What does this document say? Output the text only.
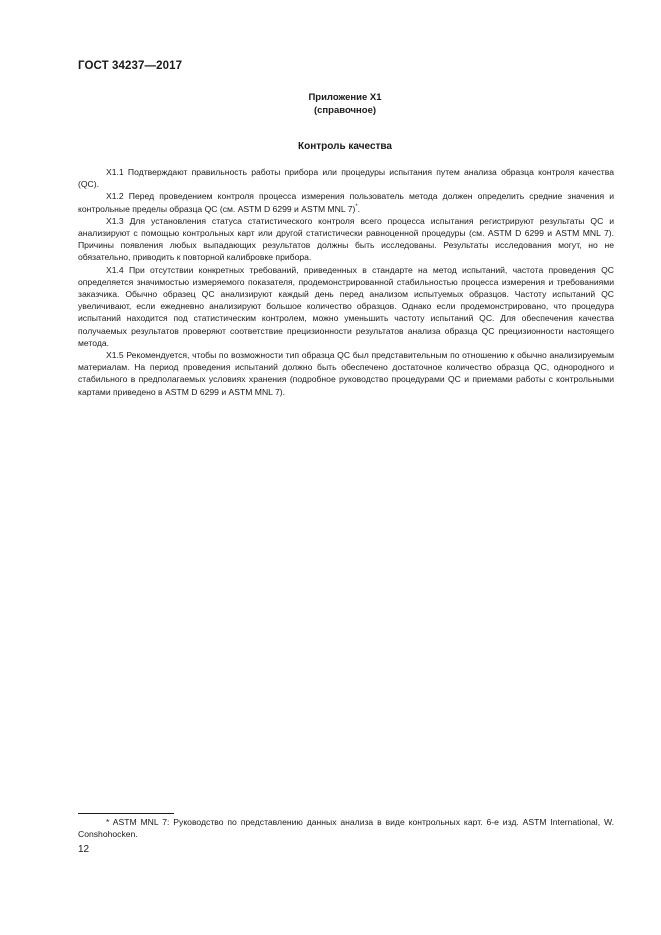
ГОСТ 34237—2017
Приложение Х1
(справочное)
Контроль качества

Х1.1 Подтверждают правильность работы прибора или процедуры испытания путем анализа образца контроля качества (QC).

Х1.2 Перед проведением контроля процесса измерения пользователь метода должен определить средние значения и контрольные пределы образца QC (см. ASTM D 6299 и ASTM MNL 7)*.

Х1.3 Для установления статуса статистического контроля всего процесса испытания регистрируют результаты QC и анализируют с помощью контрольных карт или другой статистически равноценной процедуры (см. ASTM D 6299 и ASTM MNL 7). Причины появления любых выпадающих результатов должны быть исследованы. Результаты исследования могут, но не обязательно, приводить к повторной калибровке прибора.

Х1.4 При отсутствии конкретных требований, приведенных в стандарте на метод испытаний, частота проведения QC определяется значимостью измеряемого показателя, продемонстрированной стабильностью процесса измерения и требованиями заказчика. Обычно образец QC анализируют каждый день перед анализом испытуемых образцов. Частоту испытаний QC увеличивают, если ежедневно анализируют большое количество образцов. Однако если продемонстрировано, что процедура испытаний находится под статистическим контролем, можно уменьшить частоту испытаний QC. Для обеспечения качества получаемых результатов проверяют соответствие прецизионности результатов анализа образца QC прецизионности настоящего метода.

Х1.5 Рекомендуется, чтобы по возможности тип образца QC был представительным по отношению к обычно анализируемым материалам. На период проведения испытаний должно быть обеспечено достаточное количество образца QC, однородного и стабильного в предполагаемых условиях хранения (подробное руководство процедурами QC и приемами работы с контрольными картами приведено в ASTM D 6299 и ASTM MNL 7).

* ASTM MNL 7: Руководство по представлению данных анализа в виде контрольных карт. 6-е изд. ASTM International, W. Conshohocken.
12
